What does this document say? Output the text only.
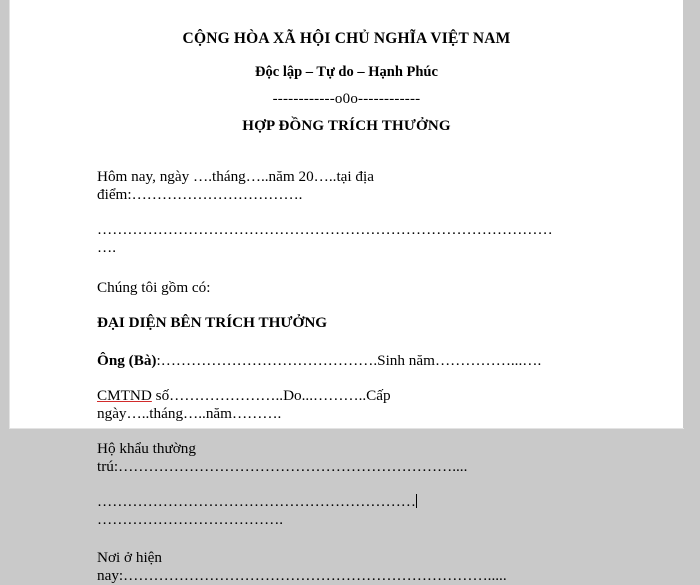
CỘNG HÒA XÃ HỘI CHỦ NGHĨA VIỆT NAM
Độc lập – Tự do – Hạnh Phúc
------------o0o------------
HỢP ĐỒNG TRÍCH THƯỞNG
Hôm nay, ngày ….tháng…..năm 20…..tại địa điểm:…………………………….
………………………………………………………………………………….
Chúng tôi gồm có:
ĐẠI DIỆN BÊN TRÍCH THƯỞNG
Ông (Bà):…………………………………….Sinh năm……………...….
CMTND số…………………..Do...………..Cấp ngày…..tháng…..năm……….
Hộ khẩu thường trú:…………………………………………………………....
……………………………………………………………………………………….
Nơi ở hiện nay:……………………………………………………………….....
